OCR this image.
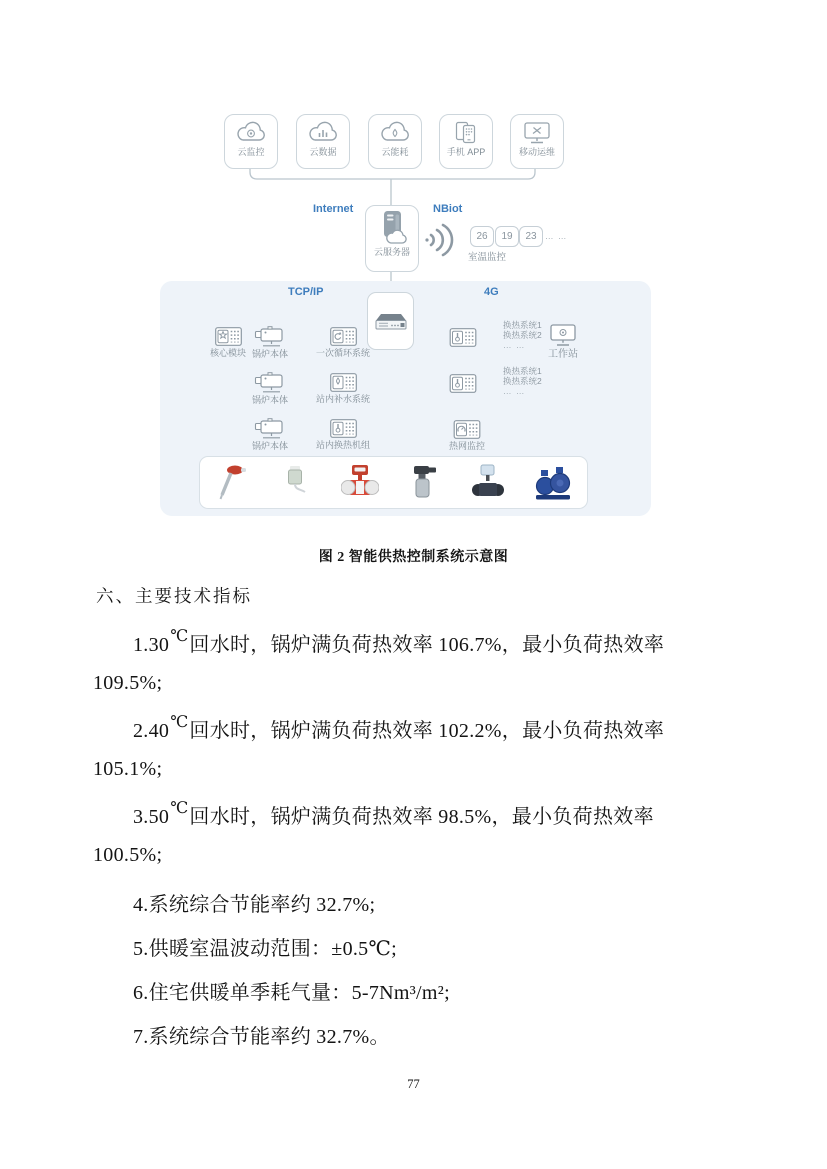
云监控	云数据	云能耗	手机 APP	移动运维
Internet	NBiot
云服务器
26 19 23 … …
室温监控
TCP/IP	4G
核心模块 锅炉本体
锅炉本体
锅炉本体
一次循环系统
站内补水系统
站内换热机组	热网监控
换热系统1
换热系统2
… …
换热系统1
换热系统2
… …
工作站
图 2 智能供热控制系统示意图
六、主要技术指标
1.30℃回水时，锅炉满负荷热效率 106.7%，最小负荷热效率
109.5%;
2.40℃回水时，锅炉满负荷热效率 102.2%，最小负荷热效率
105.1%;
3.50℃回水时，锅炉满负荷热效率 98.5%，最小负荷热效率
100.5%;
4.系统综合节能率约 32.7%;
5.供暖室温波动范围：±0.5℃;
6.住宅供暖单季耗气量：5-7Nm³/m²;
7.系统综合节能率约 32.7%。
77
